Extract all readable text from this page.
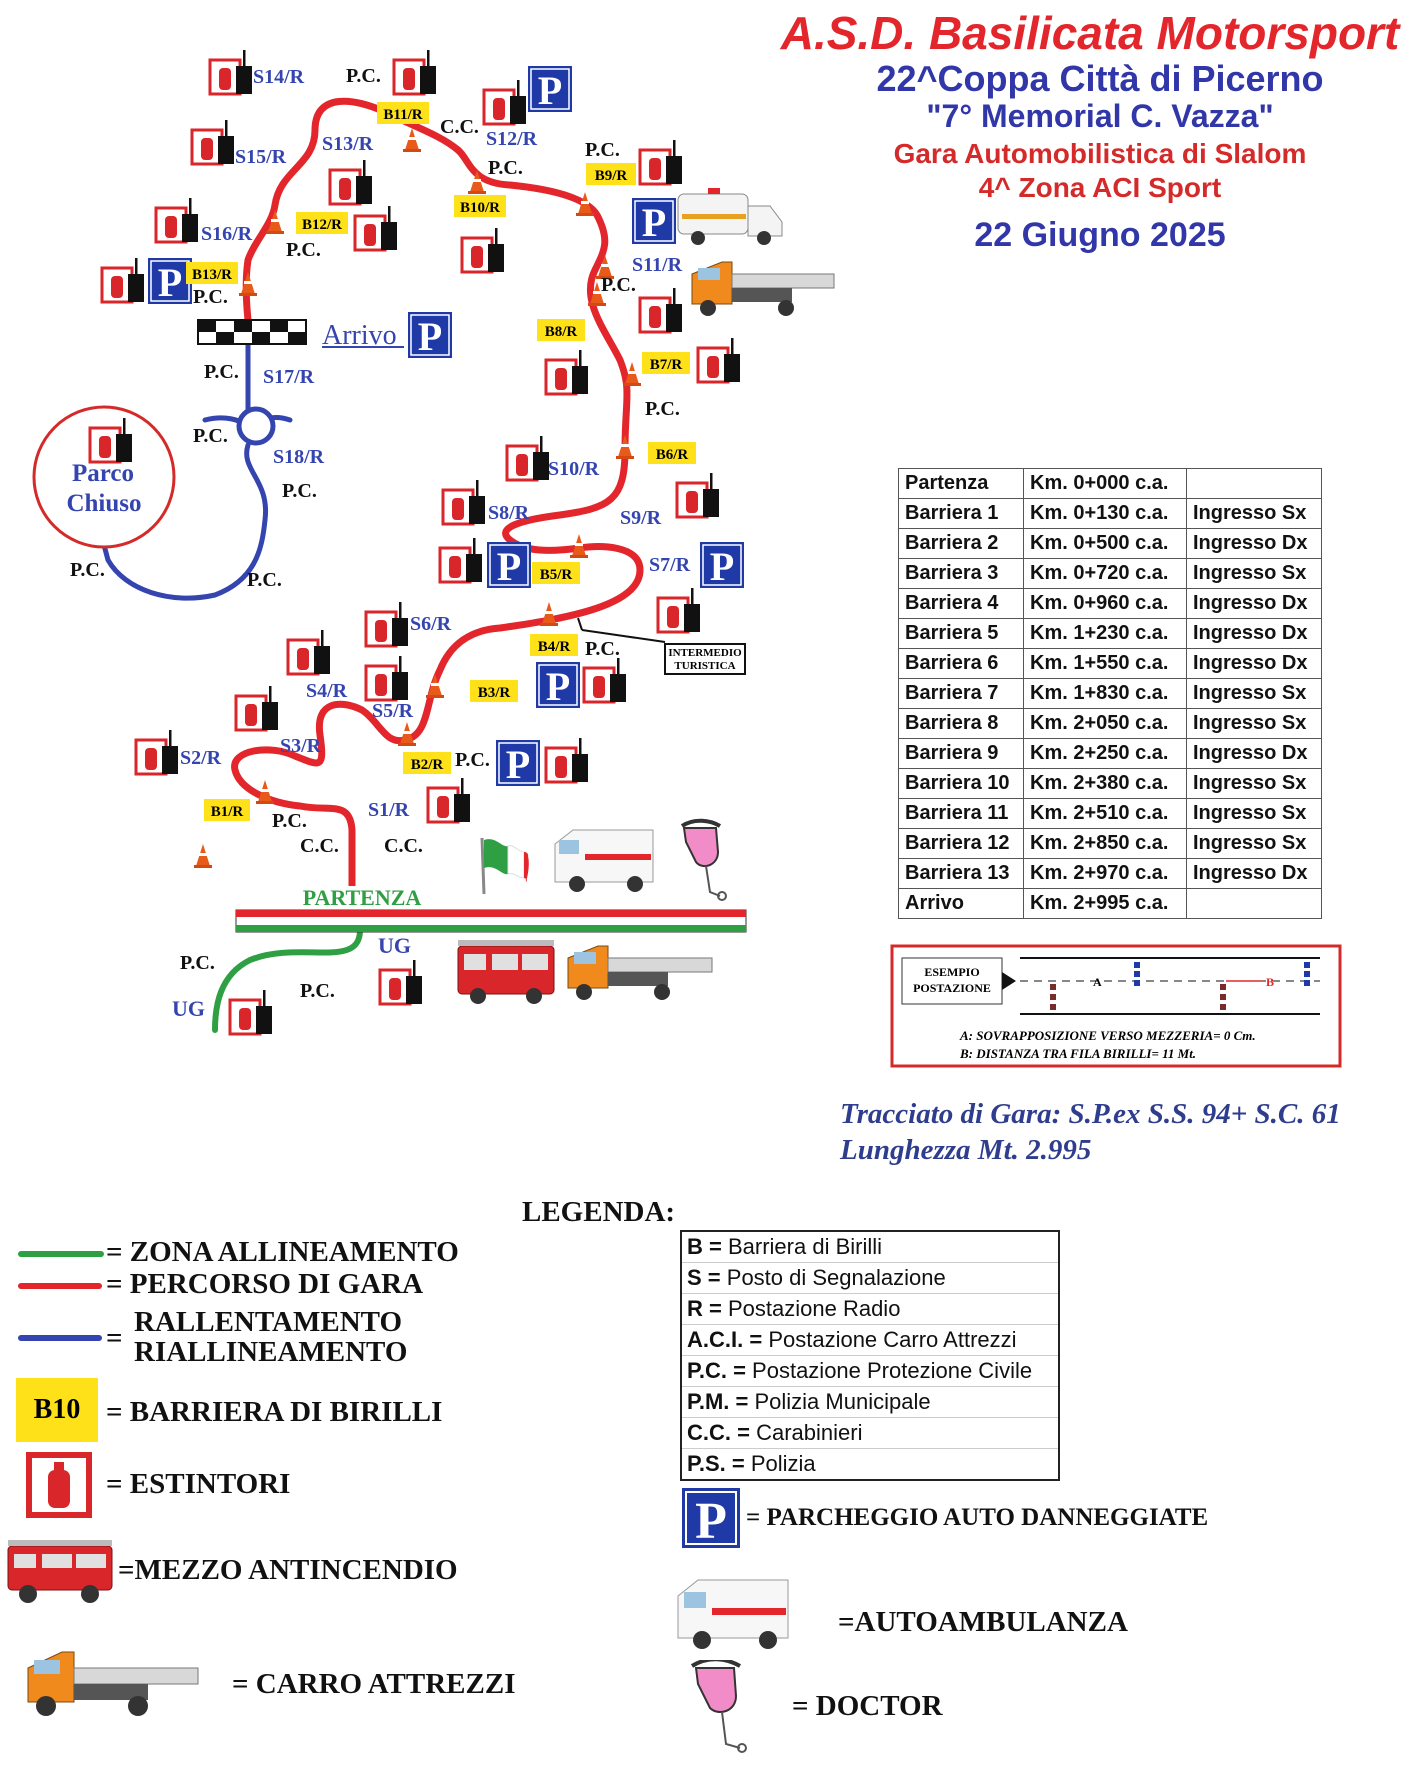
A.S.D. Basilicata Motorsport
22^Coppa Città di Picerno
"7° Memorial C. Vazza"
Gara Automobilistica di Slalom
4^ Zona ACI Sport
22 Giugno 2025
P
Parco
Chiuso
Arrivo
PARTENZA
B11/R
B9/R
B10/R
B12/R
B13/R
B8/R
B7/R
B6/R
B5/R
B4/R
B3/R
B2/R
B1/R
S14/R
S12/R
S13/R
S15/R
S16/R
S11/R
S17/R
S18/R
S10/R
S8/R	S9/R
S7/R
S6/R
S4/R
S5/R
S3/R
S2/R
S1/R
P.C.
C.C.
P.C.
P.C.
P.C.
P.C.
P.C.
P.C.
P.C.
P.C.
P.C.
P.C.	P.C.
P.C.
P.C.
P.C.
C.C. C.C.
P.C.
P.C.
UG
UG
INTERMEDIO
TURISTICA
Partenza	Km. 0+000 c.a.	
Barriera 1	Km. 0+130 c.a.	Ingresso Sx
Barriera 2	Km. 0+500 c.a.	Ingresso Dx
Barriera 3	Km. 0+720 c.a.	Ingresso Sx
Barriera 4	Km. 0+960 c.a.	Ingresso Dx
Barriera 5	Km. 1+230 c.a.	Ingresso Dx
Barriera 6	Km. 1+550 c.a.	Ingresso Dx
Barriera 7	Km. 1+830 c.a.	Ingresso Sx
Barriera 8	Km. 2+050 c.a.	Ingresso Sx
Barriera 9	Km. 2+250 c.a.	Ingresso Dx
Barriera 10	Km. 2+380 c.a.	Ingresso Sx
Barriera 11	Km. 2+510 c.a.	Ingresso Sx
Barriera 12	Km. 2+850 c.a.	Ingresso Sx
Barriera 13	Km. 2+970 c.a.	Ingresso Dx
Arrivo	Km. 2+995 c.a.	
ESEMPIO
POSTAZIONE	A	B
A: SOVRAPPOSIZIONE VERSO MEZZERIA= 0 Cm.
B: DISTANZA TRA FILA BIRILLI= 11 Mt.
Tracciato di Gara: S.P.ex S.S. 94+ S.C. 61
Lunghezza Mt. 2.995
LEGENDA:
= ZONA ALLINEAMENTO
= PERCORSO DI GARA
= RALLENTAMENTO
RIALLINEAMENTO
B10 = BARRIERA DI BIRILLI
= ESTINTORI
=MEZZO ANTINCENDIO
= CARRO ATTREZZI
B = Barriera di Birilli
S = Posto di Segnalazione
R = Postazione Radio
A.C.I. = Postazione Carro Attrezzi
P.C. = Postazione Protezione Civile
P.M. = Polizia Municipale
C.C. = Carabinieri
P.S. = Polizia
P = PARCHEGGIO AUTO DANNEGGIATE
=AUTOAMBULANZA
= DOCTOR
